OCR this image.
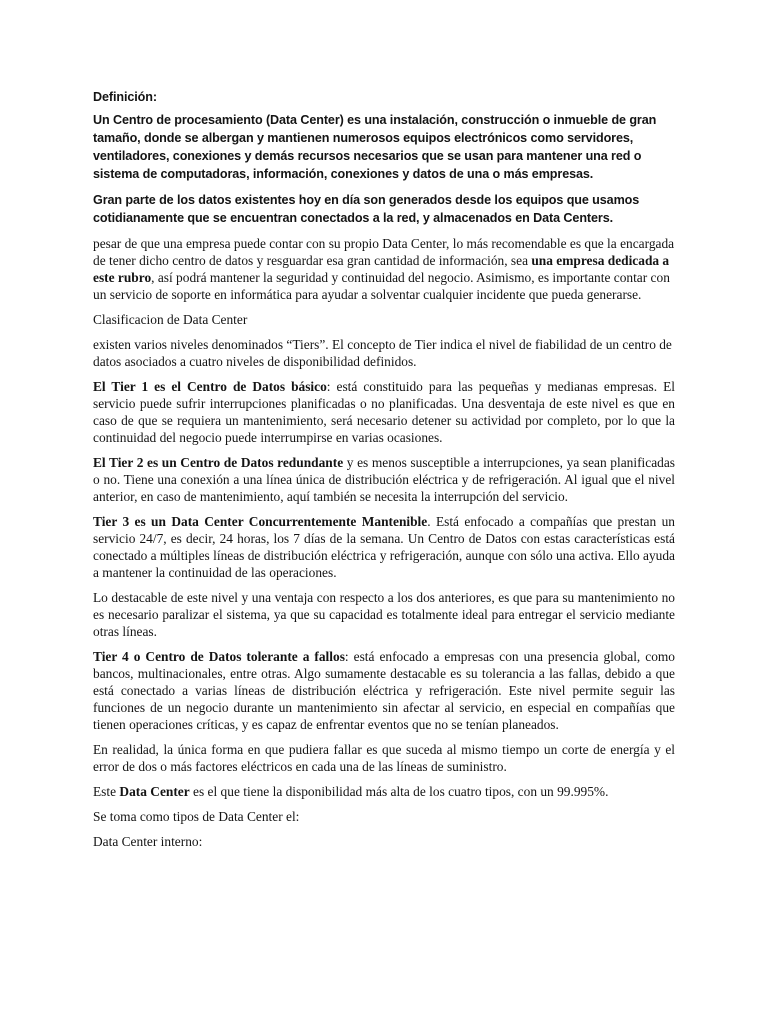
Definición:

Un Centro de procesamiento (Data Center) es una instalación, construcción o inmueble de gran tamaño, donde se albergan y mantienen numerosos equipos electrónicos como servidores, ventiladores, conexiones y demás recursos necesarios que se usan para mantener una red o sistema de computadoras, información, conexiones y datos de una o más empresas.

Gran parte de los datos existentes hoy en día son generados desde los equipos que usamos cotidianamente que se encuentran conectados a la red, y almacenados en Data Centers.

pesar de que una empresa puede contar con su propio Data Center, lo más recomendable es que la encargada de tener dicho centro de datos y resguardar esa gran cantidad de información, sea una empresa dedicada a este rubro, así podrá mantener la seguridad y continuidad del negocio. Asimismo, es importante contar con un servicio de soporte en informática para ayudar a solventar cualquier incidente que pueda generarse.

Clasificacion de Data Center

existen varios niveles denominados “Tiers”. El concepto de Tier indica el nivel de fiabilidad de un centro de datos asociados a cuatro niveles de disponibilidad definidos.

El Tier 1 es el Centro de Datos básico: está constituido para las pequeñas y medianas empresas. El servicio puede sufrir interrupciones planificadas o no planificadas. Una desventaja de este nivel es que en caso de que se requiera un mantenimiento, será necesario detener su actividad por completo, por lo que la continuidad del negocio puede interrumpirse en varias ocasiones.

El Tier 2 es un Centro de Datos redundante y es menos susceptible a interrupciones, ya sean planificadas o no. Tiene una conexión a una línea única de distribución eléctrica y de refrigeración. Al igual que el nivel anterior, en caso de mantenimiento, aquí también se necesita la interrupción del servicio.

Tier 3 es un Data Center Concurrentemente Mantenible. Está enfocado a compañías que prestan un servicio 24/7, es decir, 24 horas, los 7 días de la semana. Un Centro de Datos con estas características está conectado a múltiples líneas de distribución eléctrica y refrigeración, aunque con sólo una activa. Ello ayuda a mantener la continuidad de las operaciones.

Lo destacable de este nivel y una ventaja con respecto a los dos anteriores, es que para su mantenimiento no es necesario paralizar el sistema, ya que su capacidad es totalmente ideal para entregar el servicio mediante otras líneas.

Tier 4 o Centro de Datos tolerante a fallos: está enfocado a empresas con una presencia global, como bancos, multinacionales, entre otras. Algo sumamente destacable es su tolerancia a las fallas, debido a que está conectado a varias líneas de distribución eléctrica y refrigeración. Este nivel permite seguir las funciones de un negocio durante un mantenimiento sin afectar al servicio, en especial en compañías que tienen operaciones críticas, y es capaz de enfrentar eventos que no se tenían planeados.

En realidad, la única forma en que pudiera fallar es que suceda al mismo tiempo un corte de energía y el error de dos o más factores eléctricos en cada una de las líneas de suministro.

Este Data Center es el que tiene la disponibilidad más alta de los cuatro tipos, con un 99.995%.

Se toma como tipos de Data Center el:

Data Center interno:
